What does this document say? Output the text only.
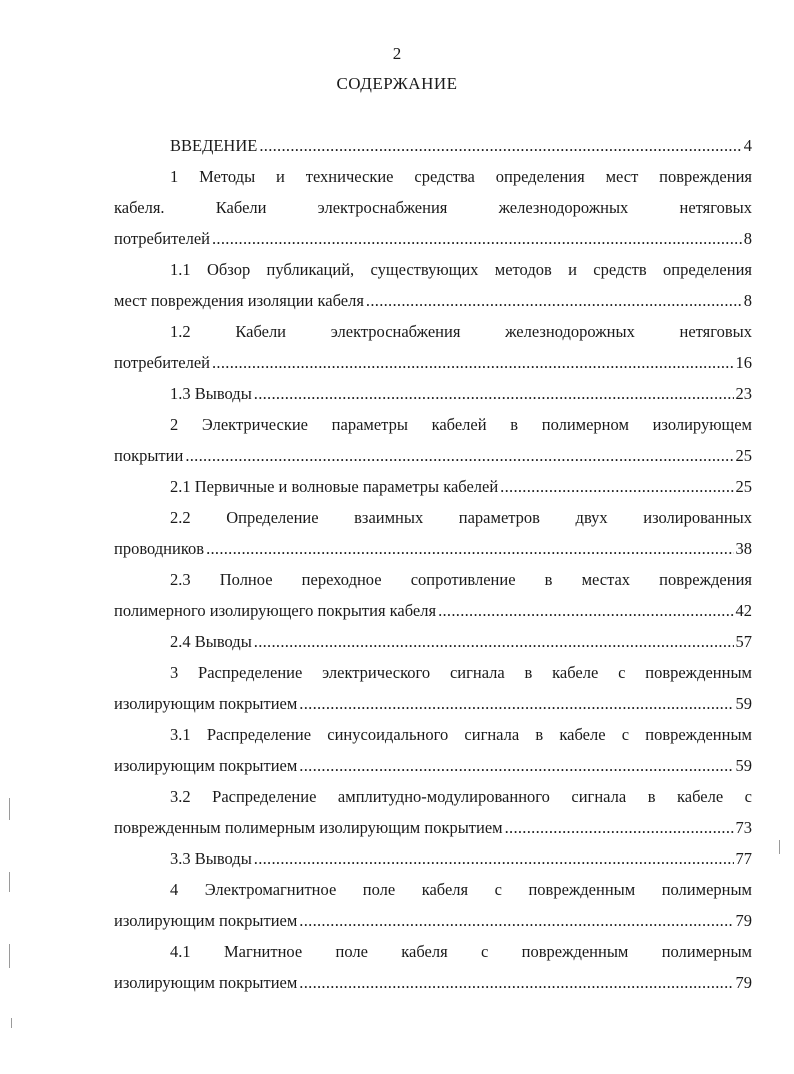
2
СОДЕРЖАНИЕ
ВВЕДЕНИЕ .....	4
1 Методы и технические средства определения мест повреждения
кабеля. Кабели электроснабжения железнодорожных нетяговых
потребителей .....	8
1.1 Обзор публикаций, существующих методов и средств определения
мест повреждения изоляции кабеля .....	8
1.2 Кабели электроснабжения железнодорожных нетяговых
потребителей .....	16
1.3 Выводы .....	23
2 Электрические параметры кабелей в полимерном изолирующем
покрытии .....	25
2.1 Первичные и волновые параметры кабелей .....	25
2.2 Определение взаимных параметров двух изолированных
проводников .....	38
2.3 Полное переходное сопротивление в местах повреждения
полимерного изолирующего покрытия кабеля .....	42
2.4 Выводы .....	57
3 Распределение электрического сигнала в кабеле с поврежденным
изолирующим покрытием .....	59
3.1 Распределение синусоидального сигнала в кабеле с поврежденным
изолирующим покрытием .....	59
3.2 Распределение амплитудно-модулированного сигнала в кабеле с
поврежденным полимерным изолирующим покрытием .....	73
3.3 Выводы .....	77
4 Электромагнитное поле кабеля с поврежденным полимерным
изолирующим покрытием .....	79
4.1 Магнитное поле кабеля с поврежденным полимерным
изолирующим покрытием .....	79
